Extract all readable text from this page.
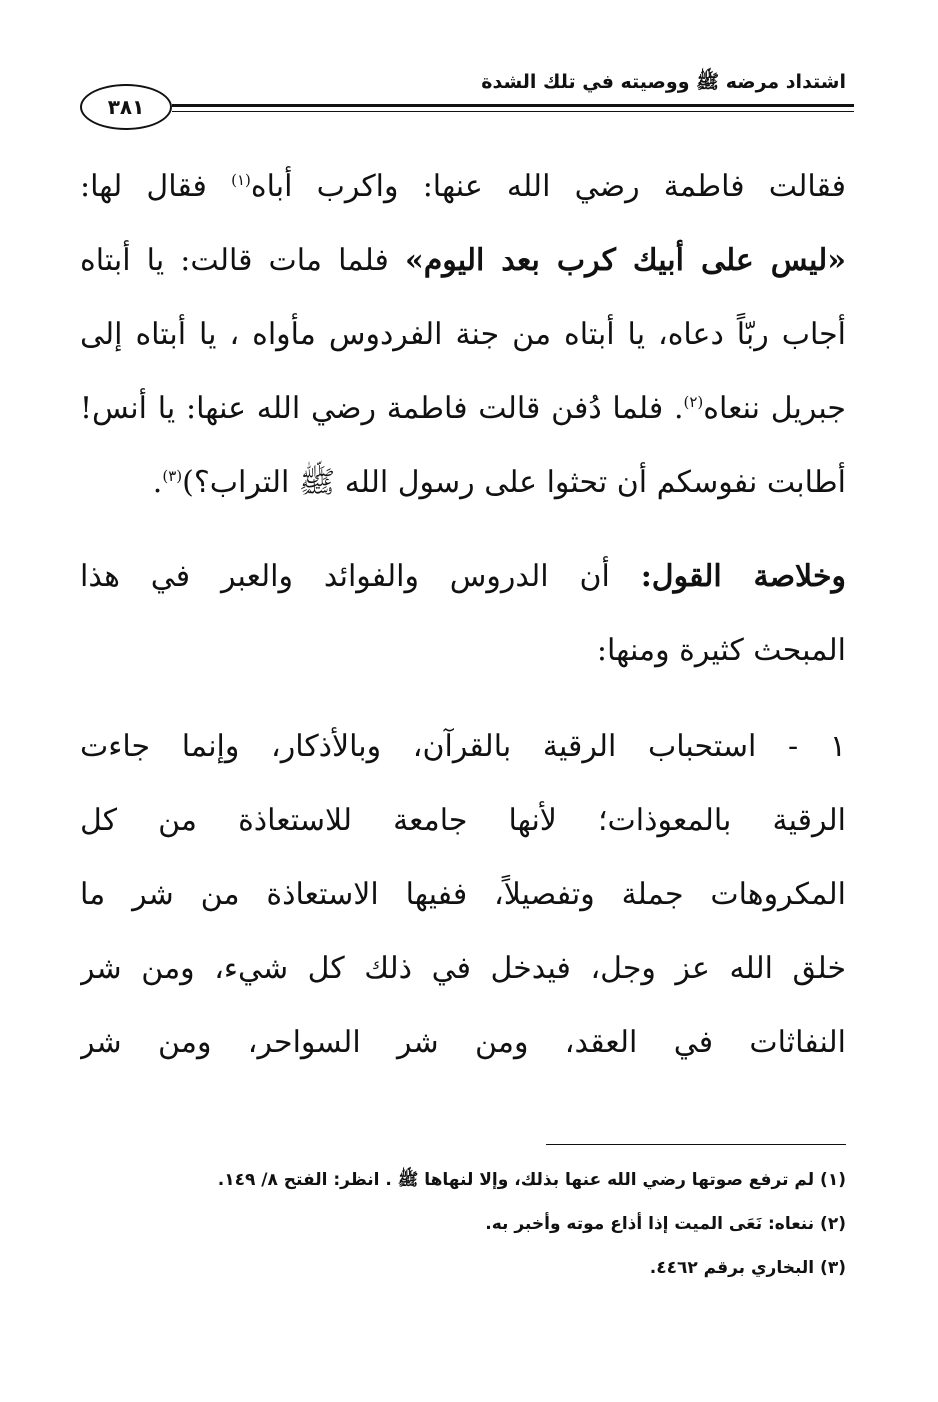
اشتداد مرضه ﷺ ووصيته في تلك الشدة
٣٨١
فقالت فاطمة رضي الله عنها: واكرب أباه$^{(١)}$ فقال لها:
«ليس على أبيك كرب بعد اليوم» فلما مات قالت: يا أبتاه
أجاب ربّاً دعاه، يا أبتاه من جنة الفردوس مأواه ، يا أبتاه إلى
جبريل ننعاه$^{(٢)}$. فلما دُفن قالت فاطمة رضي الله عنها: يا أنس!
أطابت نفوسكم أن تحثوا على رسول الله ﷺ التراب؟)$^{(٣)}$.
وخلاصة القول: أن الدروس والفوائد والعبر في هذا
المبحث كثيرة ومنها:
١ - استحباب الرقية بالقرآن، وبالأذكار، وإنما جاءت
الرقية بالمعوذات؛ لأنها جامعة للاستعاذة من كل
المكروهات جملة وتفصيلاً، ففيها الاستعاذة من شر ما
خلق الله عز وجل، فيدخل في ذلك كل شيء، ومن شر
النفاثات في العقد، ومن شر السواحر، ومن شر
(١) لم ترفع صوتها رضي الله عنها بذلك، وإلا لنهاها ﷺ . انظر: الفتح ٨/ ١٤٩.
(٢) ننعاه: نَعَى الميت إذا أذاع موته وأخبر به.
(٣) البخاري برقم ٤٤٦٢.
